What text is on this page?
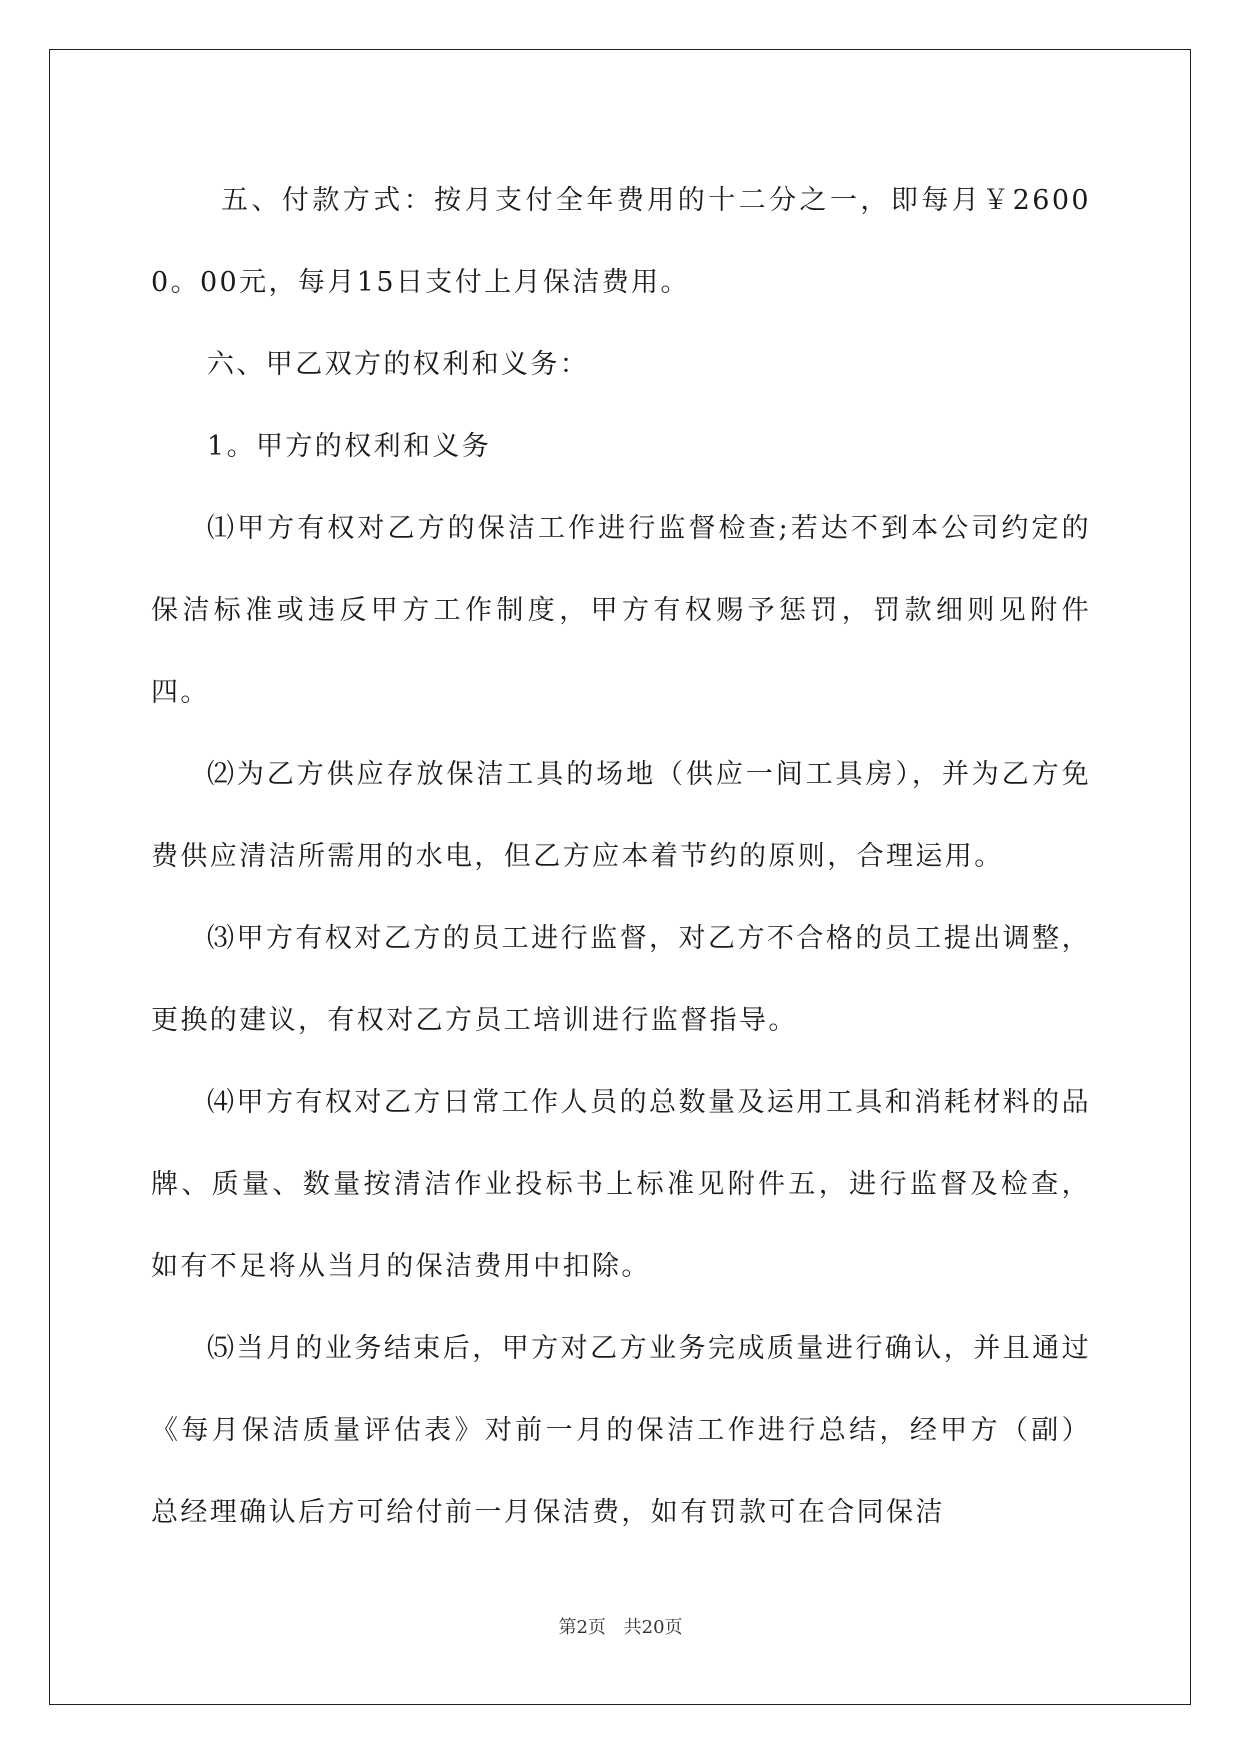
五、付款方式：按月支付全年费用的十二分之一，即每月￥26000。00元，每月15日支付上月保洁费用。

六、甲乙双方的权利和义务：

1。甲方的权利和义务

⑴甲方有权对乙方的保洁工作进行监督检查;若达不到本公司约定的保洁标准或违反甲方工作制度，甲方有权赐予惩罚，罚款细则见附件四。

⑵为乙方供应存放保洁工具的场地（供应一间工具房），并为乙方免费供应清洁所需用的水电，但乙方应本着节约的原则，合理运用。

⑶甲方有权对乙方的员工进行监督，对乙方不合格的员工提出调整，更换的建议，有权对乙方员工培训进行监督指导。

⑷甲方有权对乙方日常工作人员的总数量及运用工具和消耗材料的品牌、质量、数量按清洁作业投标书上标准见附件五，进行监督及检查，如有不足将从当月的保洁费用中扣除。

⑸当月的业务结束后，甲方对乙方业务完成质量进行确认，并且通过《每月保洁质量评估表》对前一月的保洁工作进行总结，经甲方（副）总经理确认后方可给付前一月保洁费，如有罚款可在合同保洁

第2页 共20页
